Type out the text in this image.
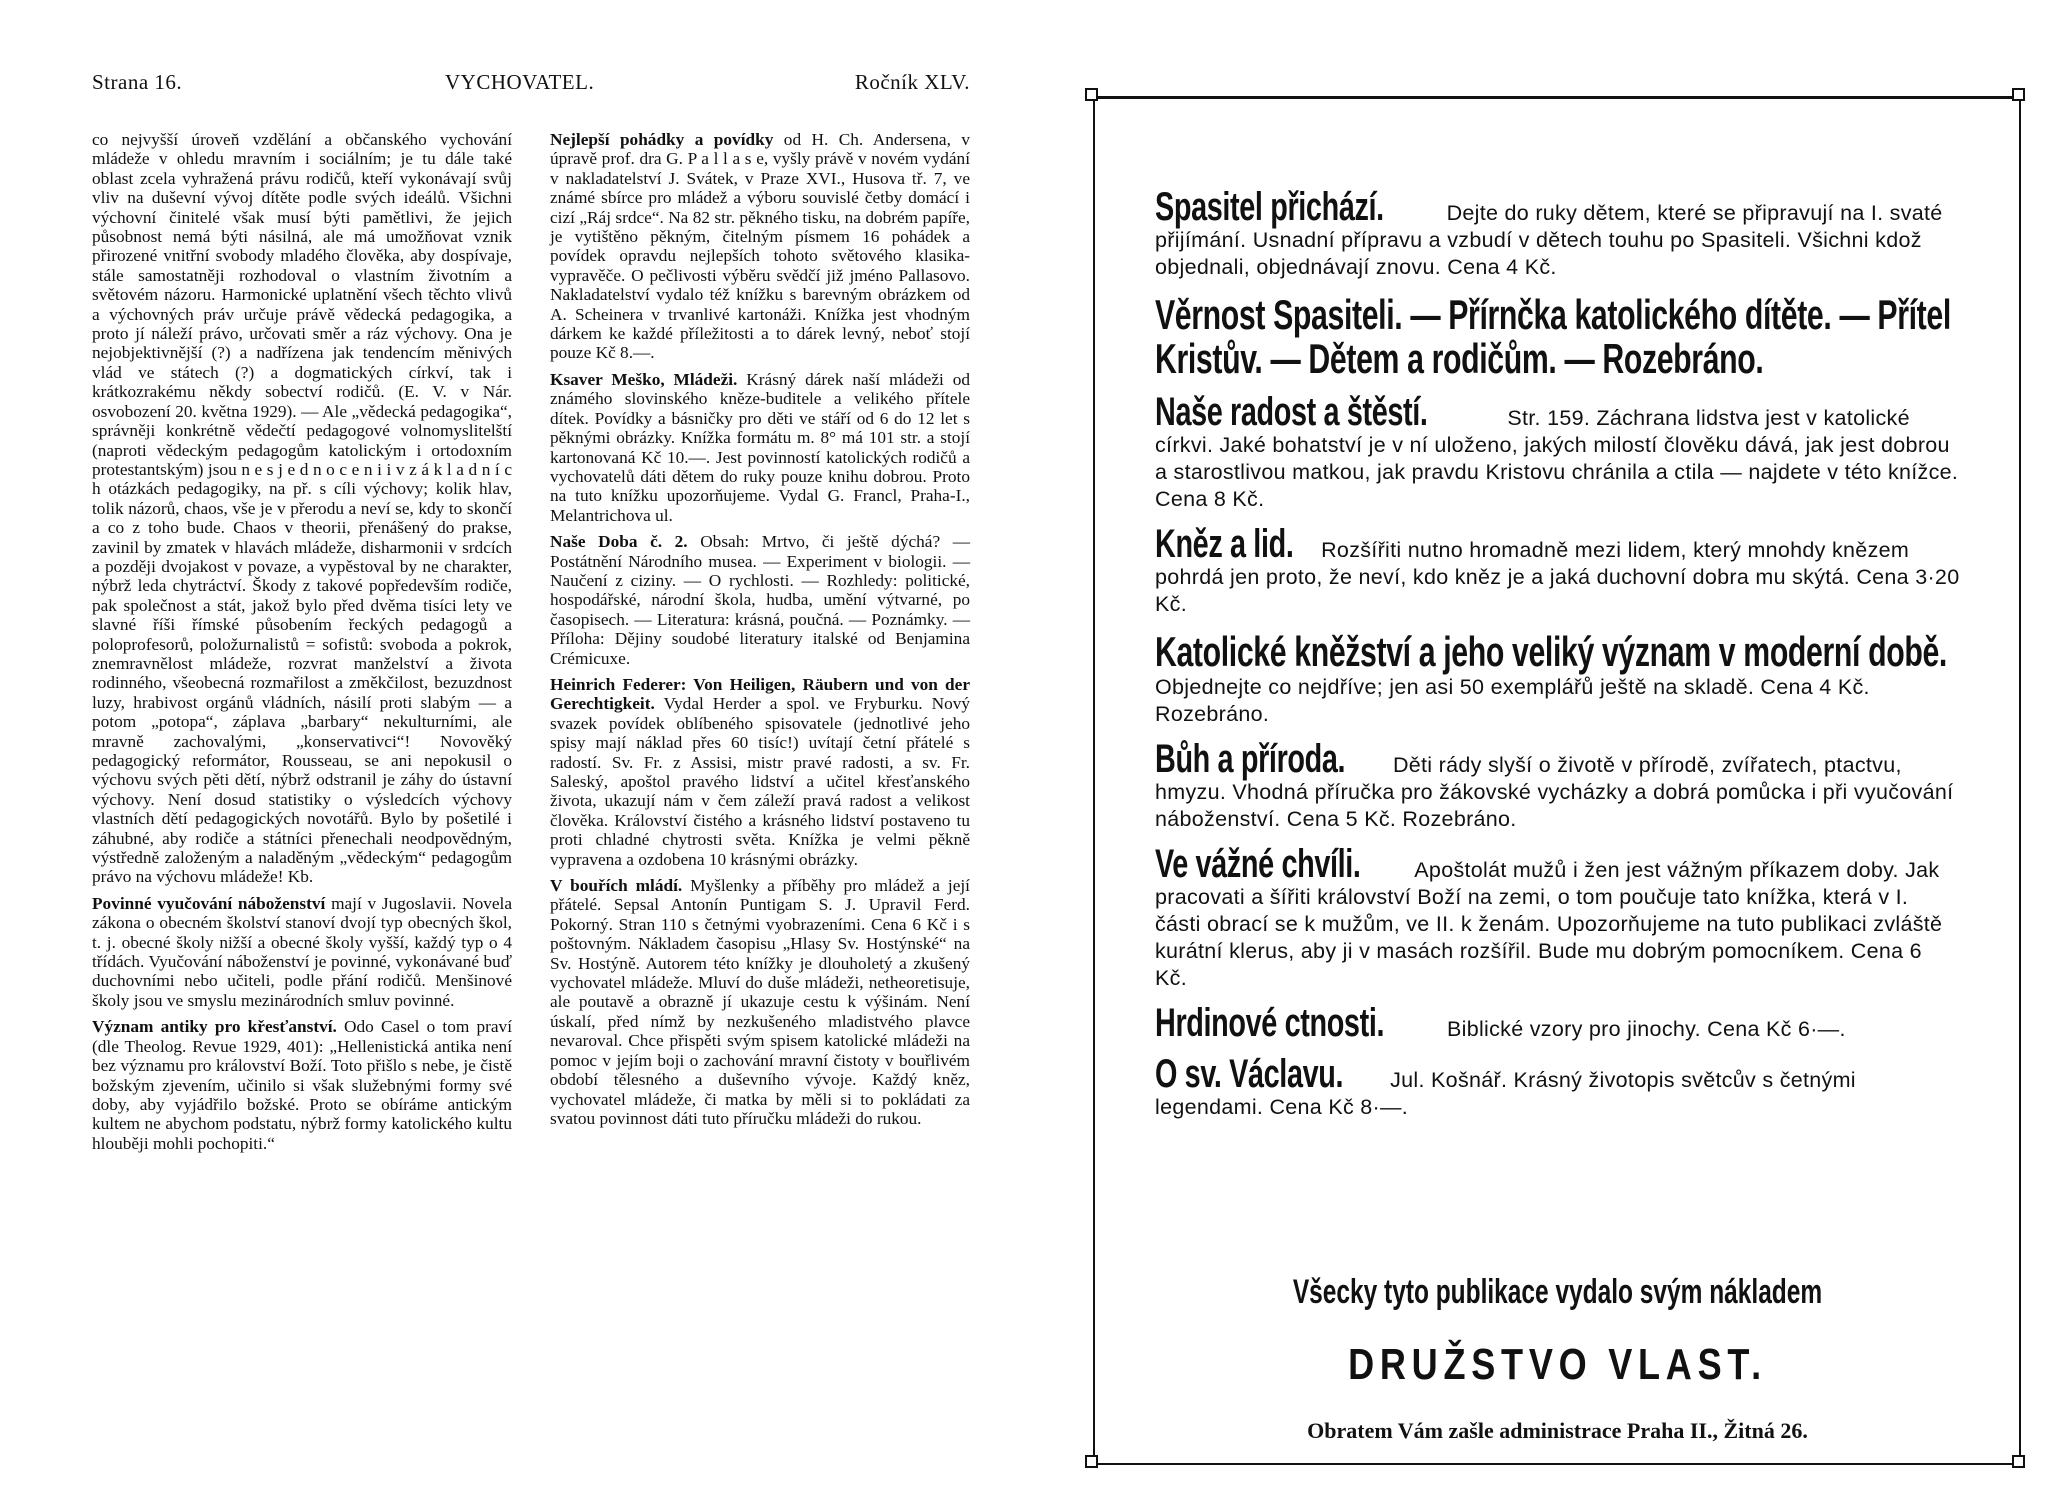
Strana 16.	VYCHOVATEL.	Ročník XLV.

co nejvyšší úroveň vzdělání a občanského vychování mládeže v ohledu mravním i sociálním; je tu dále také oblast zcela vyhražená právu rodičů, kteří vykonávají svůj vliv na duševní vývoj dítěte podle svých ideálů. Všichni výchovní činitelé však musí býti pamětlivi, že jejich působnost nemá býti násilná, ale má umožňovat vznik přirozené vnitřní svobody mladého člověka, aby dospívaje, stále samostatněji rozhodoval o vlastním životním a světovém názoru. Harmonické uplatnění všech těchto vlivů a výchovných práv určuje právě vědecká pedagogika, a proto jí náleží právo, určovati směr a ráz výchovy. Ona je nejobjektivnější (?) a nadřízena jak tendencím měnivých vlád ve státech (?) a dogmatických církví, tak i krátkozrakému někdy sobectví rodičů. (E. V. v Nár. osvobození 20. května 1929). — Ale „vědecká pedagogika“, správněji konkrétně vědečtí pedagogové volnomyslitelští (naproti vědeckým pedagogům katolickým i ortodoxním protestantským) jsou n e s j e d n o c e n i i v z á k l a d n í c h otázkách pedagogiky, na př. s cíli výchovy; kolik hlav, tolik názorů, chaos, vše je v přerodu a neví se, kdy to skončí a co z toho bude. Chaos v theorii, přenášený do prakse, zavinil by zmatek v hlavách mládeže, disharmonii v srdcích a později dvojakost v povaze, a vypěstoval by ne charakter, nýbrž leda chytráctví. Škody z takové popředevším rodiče, pak společnost a stát, jakož bylo před dvěma tisíci lety ve slavné říši římské působením řeckých pedagogů a poloprofesorů, položurnalistů = sofistů: svoboda a pokrok, znemravnělost mládeže, rozvrat manželství a života rodinného, všeobecná rozmařilost a změkčilost, bezuzdnost luzy, hrabivost orgánů vládních, násilí proti slabým — a potom „potopa“, záplava „barbary“ nekulturními, ale mravně zachovalými, „konservativci“! Novověký pedagogický reformátor, Rousseau, se ani nepokusil o výchovu svých pěti dětí, nýbrž odstranil je záhy do ústavní výchovy. Není dosud statistiky o výsledcích výchovy vlastních dětí pedagogických novotářů. Bylo by pošetilé i záhubné, aby rodiče a státníci přenechali neodpovědným, výstředně založeným a naladěným „vědeckým“ pedagogům právo na výchovu mládeže! Kb.

Povinné vyučování náboženství mají v Jugoslavii. Novela zákona o obecném školství stanoví dvojí typ obecných škol, t. j. obecné školy nižší a obecné školy vyšší, každý typ o 4 třídách. Vyučování náboženství je povinné, vykonávané buď duchovními nebo učiteli, podle přání rodičů. Menšinové školy jsou ve smyslu mezinárodních smluv povinné.

Význam antiky pro křesťanství. Odo Casel o tom praví (dle Theolog. Revue 1929, 401): „Hellenistická antika není bez významu pro království Boží. Toto přišlo s nebe, je čistě božským zjevením, učinilo si však služebnými formy své doby, aby vyjádřilo božské. Proto se obíráme antickým kultem ne abychom podstatu, nýbrž formy katolického kultu hlouběji mohli pochopiti.“

Nejlepší pohádky a povídky od H. Ch. Andersena, v úpravě prof. dra G. P a l l a s e, vyšly právě v novém vydání v nakladatelství J. Svátek, v Praze XVI., Husova tř. 7, ve známé sbírce pro mládež a výboru souvislé četby domácí i cizí „Ráj srdce“. Na 82 str. pěkného tisku, na dobrém papíře, je vytištěno pěkným, čitelným písmem 16 pohádek a povídek opravdu nejlepších tohoto světového klasika-vypravěče. O pečlivosti výběru svědčí již jméno Pallasovo. Nakladatelství vydalo též knížku s barevným obrázkem od A. Scheinera v trvanlivé kartonáži. Knížka jest vhodným dárkem ke každé příležitosti a to dárek levný, neboť stojí pouze Kč 8.—.

Ksaver Meško, Mládeži. Krásný dárek naší mládeži od známého slovinského kněze-buditele a velikého přítele dítek. Povídky a básničky pro děti ve stáří od 6 do 12 let s pěknými obrázky. Knížka formátu m. 8° má 101 str. a stojí kartonovaná Kč 10.—. Jest povinností katolických rodičů a vychovatelů dáti dětem do ruky pouze knihu dobrou. Proto na tuto knížku upozorňujeme. Vydal G. Francl, Praha-I., Melantrichova ul.

Naše Doba č. 2. Obsah: Mrtvo, či ještě dýchá? — Postátnění Národního musea. — Experiment v biologii. — Naučení z ciziny. — O rychlosti. — Rozhledy: politické, hospodářské, národní škola, hudba, umění výtvarné, po časopisech. — Literatura: krásná, poučná. — Poznámky. — Příloha: Dějiny soudobé literatury italské od Benjamina Crémicuxe.

Heinrich Federer: Von Heiligen, Räubern und von der Gerechtigkeit. Vydal Herder a spol. ve Fryburku. Nový svazek povídek oblíbeného spisovatele (jednotlivé jeho spisy mají náklad přes 60 tisíc!) uvítají četní přátelé s radostí. Sv. Fr. z Assisi, mistr pravé radosti, a sv. Fr. Saleský, apoštol pravého lidství a učitel křesťanského života, ukazují nám v čem záleží pravá radost a velikost člověka. Království čistého a krásného lidství postaveno tu proti chladné chytrosti světa. Knížka je velmi pěkně vypravena a ozdobena 10 krásnými obrázky.

V bouřích mládí. Myšlenky a příběhy pro mládež a její přátelé. Sepsal Antonín Puntigam S. J. Upravil Ferd. Pokorný. Stran 110 s četnými vyobrazeními. Cena 6 Kč i s poštovným. Nákladem časopisu „Hlasy Sv. Hostýnské“ na Sv. Hostýně. Autorem této knížky je dlouholetý a zkušený vychovatel mládeže. Mluví do duše mládeži, netheoretisuje, ale poutavě a obrazně jí ukazuje cestu k výšinám. Není úskalí, před nímž by nezkušeného mladistvého plavce nevaroval. Chce přispěti svým spisem katolické mládeži na pomoc v jejím boji o zachování mravní čistoty v bouřlivém období tělesného a duševního vývoje. Každý kněz, vychovatel mládeže, či matka by měli si to pokládati za svatou povinnost dáti tuto příručku mládeži do rukou.

Spasitel přichází.	Dejte do ruky dětem, které se připravují na I. svaté přijímání. Usnadní přípravu a vzbudí v dětech touhu po Spasiteli. Všichni kdož objednali, objednávají znovu. Cena 4 Kč.
Věrnost Spasiteli. — Přírnčka katolického dítěte. — Přítel Kristův. — Dětem a rodičům. — Rozebráno.
Naše radost a štěstí.	Str. 159. Záchrana lidstva jest v katolické církvi. Jaké bohatství je v ní uloženo, jakých milostí člověku dává, jak jest dobrou a starostlivou matkou, jak pravdu Kristovu chránila a ctila — najdete v této knížce. Cena 8 Kč.
Kněz a lid. Rozšířiti nutno hromadně mezi lidem, který mnohdy knězem pohrdá jen proto, že neví, kdo kněz je a jaká duchovní dobra mu skýtá. Cena 3·20 Kč.
Katolické kněžství a jeho veliký význam v moderní době.
Objednejte co nejdříve; jen asi 50 exemplářů ještě na skladě. Cena 4 Kč. Rozebráno.
Bůh a příroda. Děti rády slyší o životě v přírodě, zvířatech, ptactvu, hmyzu. Vhodná příručka pro žákovské vycházky a dobrá pomůcka i při vyučování náboženství. Cena 5 Kč. Rozebráno.
Ve vážné chvíli. Apoštolát mužů i žen jest vážným příkazem doby. Jak pracovati a šířiti království Boží na zemi, o tom poučuje tato knížka, která v I. části obrací se k mužům, ve II. k ženám. Upozorňujeme na tuto publikaci zvláště kurátní klerus, aby ji v masách rozšířil. Bude mu dobrým pomocníkem. Cena 6 Kč.
Hrdinové ctnosti.	Biblické vzory pro jinochy. Cena Kč 6·—.
O sv. Václavu. Jul. Košnář. Krásný životopis světcův s četnými legendami. Cena Kč 8·—.
Všecky tyto publikace vydalo svým nákladem
DRUŽSTVO VLAST.
Obratem Vám zašle administrace Praha II., Žitná 26.
